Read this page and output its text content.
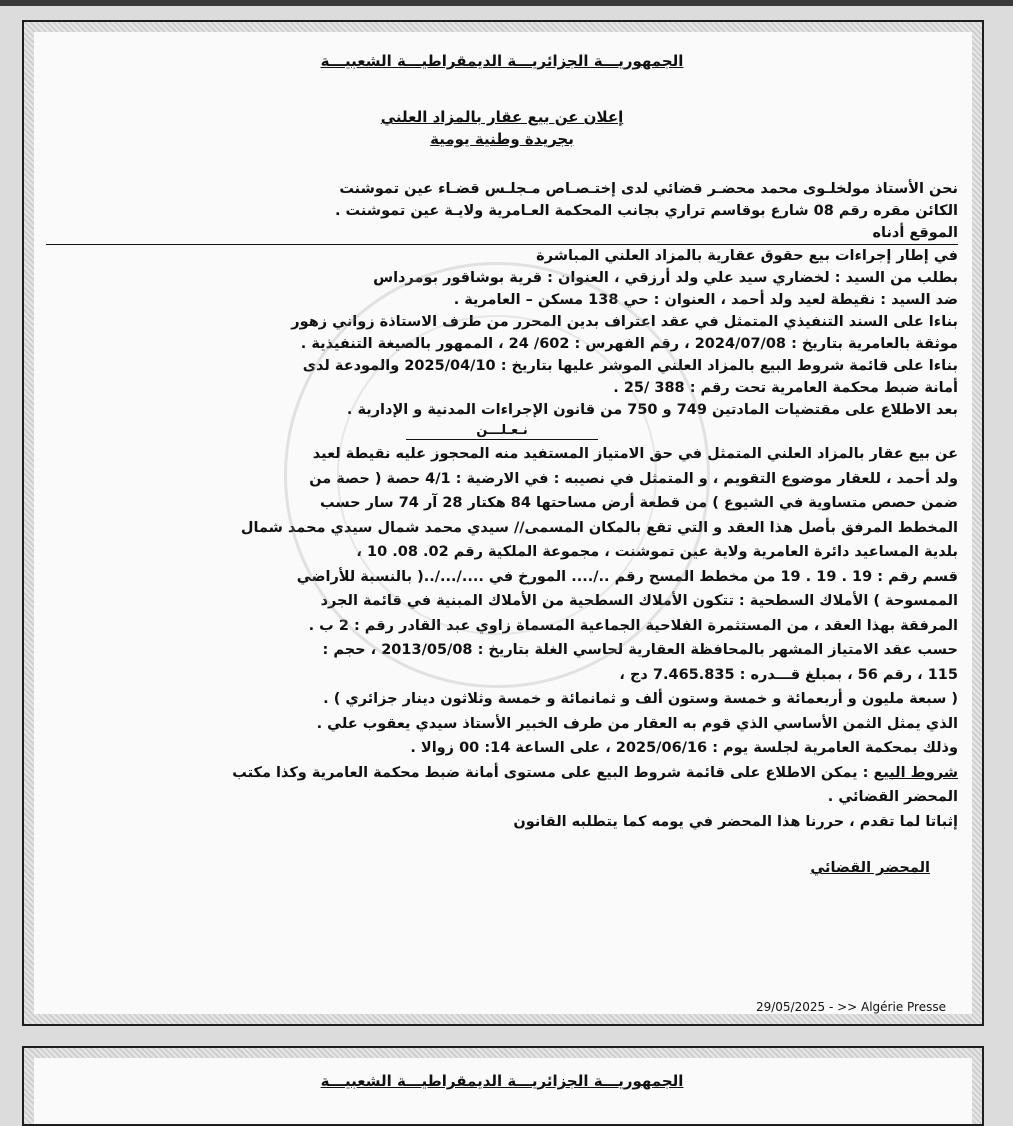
الجمهوريـــة الجزائريـــة الديمقراطيـــة الشعبيـــة

إعلان عن بيع عقار بالمزاد العلني

بجريدة وطنية يومية

نحن الأستاذ مولخلـوى محمد محضـر قضائي لدى إختـصـاص مـجلـس قضـاء عين تموشنت

الكائن مقره رقم 08 شارع بوقاسم تراري بجانب المحكمة العـامرية ولايـة عين تموشنت .

الموقع أدناه

في إطار إجراءات بيع حقوق عقارية بالمزاد العلني المباشرة

بطلب من السيد : لخضاري سيد علي ولد أرزقي ، العنوان : قرية بوشاقور بومرداس

ضد السيد : نقيطة لعيد ولد أحمد ، العنوان : حي 138 مسكن – العامرية .

بناءا على السند التنفيذي المتمثل في عقد اعتراف بدين المحرر من طرف الاستاذة زواني زهور

موثقة بالعامرية بتاريخ : 2024/07/08 ، رقم الفهرس : 602/ 24 ، الممهور بالصيغة التنفيذية .

بناءا على قائمة شروط البيع بالمزاد العلني الموشر عليها بتاريخ : 2025/04/10 والمودعة لدى

أمانة ضبط محكمة العامرية تحت رقم : 388 /25 .

بعد الاطلاع على مقتضيات المادتين 749 و 750 من قانون الإجراءات المدنية و الإدارية .

نـعـلـــن

عن بيع عقار بالمزاد العلني المتمثل في حق الامتياز المستفيد منه المحجوز عليه نقيطة لعيد

ولد أحمد ، للعقار موضوع التقويم ، و المتمثل في نصيبه : في الارضية : 4/1 حصة ( حصة من

ضمن حصص متساوية في الشيوع ) من قطعة أرض مساحتها 84 هكتار 28 آر 74 سار حسب

المخطط المرفق بأصل هذا العقد و التي تقع بالمكان المسمى// سيدي محمد شمال سيدي محمد شمال

بلدية المساعيد دائرة العامرية ولاية عين تموشنت ، مجموعة الملكية رقم 02. 08. 10 ،

قسم رقم : 19 . 19 . 19 من مخطط المسح رقم ../.... المورخ في ..../.../..( بالنسبة للأراضي

الممسوحة ) الأملاك السطحية : تتكون الأملاك السطحية من الأملاك المبنية في قائمة الجرد

المرفقة بهذا العقد ، من المستثمرة الفلاحية الجماعية المسماة زاوي عبد القادر رقم : 2 ب .

حسب عقد الامتياز المشهر بالمحافظة العقارية لحاسي الغلة بتاريخ : 2013/05/08 ، حجم :

115 ، رقم 56 ، بمبلغ قـــدره : 7.465.835 دج ،

( سبعة مليون و أربعمائة و خمسة وستون ألف و ثمانمائة و خمسة وثلاثون دينار جزائري ) .

الذي يمثل الثمن الأساسي الذي قوم به العقار من طرف الخبير الأستاذ سيدي يعقوب علي .

وذلك بمحكمة العامرية لجلسة يوم : 2025/06/16 ، على الساعة 14: 00 زوالا .

شروط البيع : يمكن الاطلاع على قائمة شروط البيع على مستوى أمانة ضبط محكمة العامرية وكذا مكتب

المحضر القضائي .

إثباتا لما تقدم ، حررنا هذا المحضر في يومه كما يتطلبه القانون

المحضر القضائي

29/05/2025 - >> Algérie Presse

الجمهوريـــة الجزائريـــة الديمقراطيـــة الشعبيـــة
